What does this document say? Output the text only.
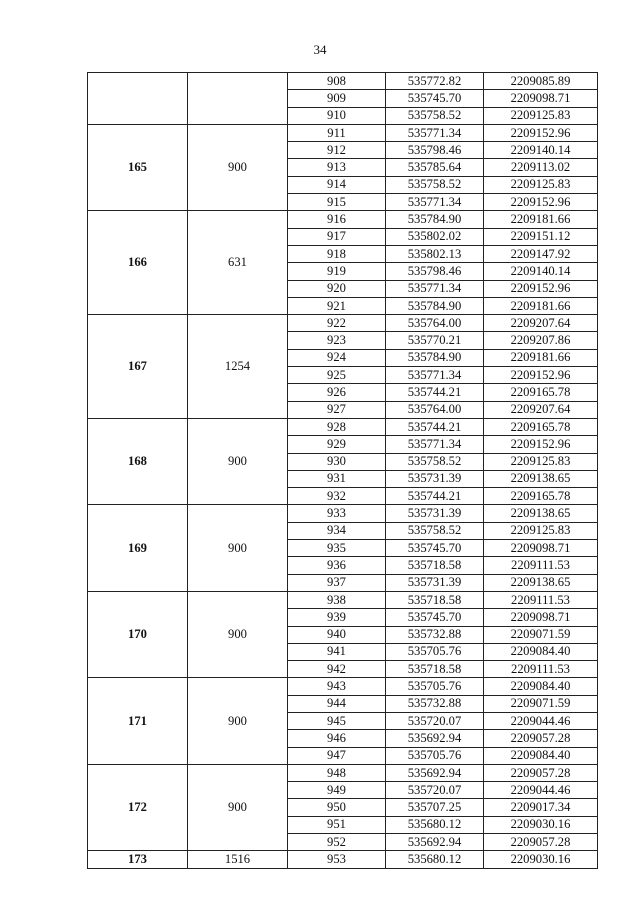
34
		908	535772.82	2209085.89
		909	535745.70	2209098.71
		910	535758.52	2209125.83
165	900	911	535771.34	2209152.96
		912	535798.46	2209140.14
		913	535785.64	2209113.02
		914	535758.52	2209125.83
		915	535771.34	2209152.96
166	631	916	535784.90	2209181.66
		917	535802.02	2209151.12
		918	535802.13	2209147.92
		919	535798.46	2209140.14
		920	535771.34	2209152.96
		921	535784.90	2209181.66
167	1254	922	535764.00	2209207.64
		923	535770.21	2209207.86
		924	535784.90	2209181.66
		925	535771.34	2209152.96
		926	535744.21	2209165.78
		927	535764.00	2209207.64
168	900	928	535744.21	2209165.78
		929	535771.34	2209152.96
		930	535758.52	2209125.83
		931	535731.39	2209138.65
		932	535744.21	2209165.78
169	900	933	535731.39	2209138.65
		934	535758.52	2209125.83
		935	535745.70	2209098.71
		936	535718.58	2209111.53
		937	535731.39	2209138.65
170	900	938	535718.58	2209111.53
		939	535745.70	2209098.71
		940	535732.88	2209071.59
		941	535705.76	2209084.40
		942	535718.58	2209111.53
171	900	943	535705.76	2209084.40
		944	535732.88	2209071.59
		945	535720.07	2209044.46
		946	535692.94	2209057.28
		947	535705.76	2209084.40
172	900	948	535692.94	2209057.28
		949	535720.07	2209044.46
		950	535707.25	2209017.34
		951	535680.12	2209030.16
		952	535692.94	2209057.28
173	1516	953	535680.12	2209030.16
